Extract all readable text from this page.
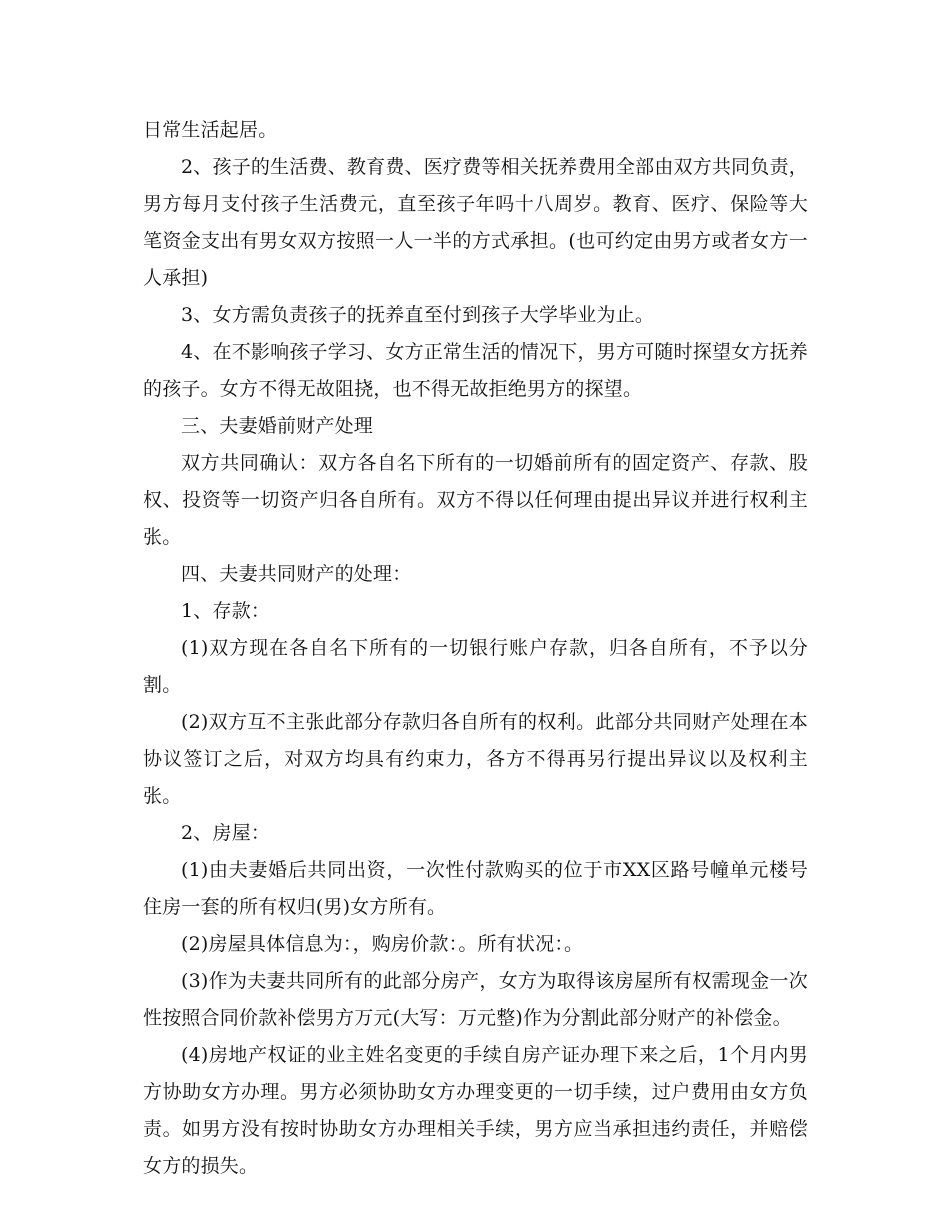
日常生活起居。

2、孩子的生活费、教育费、医疗费等相关抚养费用全部由双方共同负责，男方每月支付孩子生活费元，直至孩子年吗十八周岁。教育、医疗、保险等大笔资金支出有男女双方按照一人一半的方式承担。(也可约定由男方或者女方一人承担)

3、女方需负责孩子的抚养直至付到孩子大学毕业为止。

4、在不影响孩子学习、女方正常生活的情况下，男方可随时探望女方抚养的孩子。女方不得无故阻挠，也不得无故拒绝男方的探望。

三、夫妻婚前财产处理

双方共同确认：双方各自名下所有的一切婚前所有的固定资产、存款、股权、投资等一切资产归各自所有。双方不得以任何理由提出异议并进行权利主张。

四、夫妻共同财产的处理：

1、存款：

(1)双方现在各自名下所有的一切银行账户存款，归各自所有，不予以分割。

(2)双方互不主张此部分存款归各自所有的权利。此部分共同财产处理在本协议签订之后，对双方均具有约束力，各方不得再另行提出异议以及权利主张。

2、房屋：

(1)由夫妻婚后共同出资，一次性付款购买的位于市XX区路号幢单元楼号住房一套的所有权归(男)女方所有。

(2)房屋具体信息为：，购房价款：。所有状况：。

(3)作为夫妻共同所有的此部分房产，女方为取得该房屋所有权需现金一次性按照合同价款补偿男方万元(大写：万元整)作为分割此部分财产的补偿金。

(4)房地产权证的业主姓名变更的手续自房产证办理下来之后，1个月内男方协助女方办理。男方必须协助女方办理变更的一切手续，过户费用由女方负责。如男方没有按时协助女方办理相关手续，男方应当承担违约责任，并赔偿女方的损失。
